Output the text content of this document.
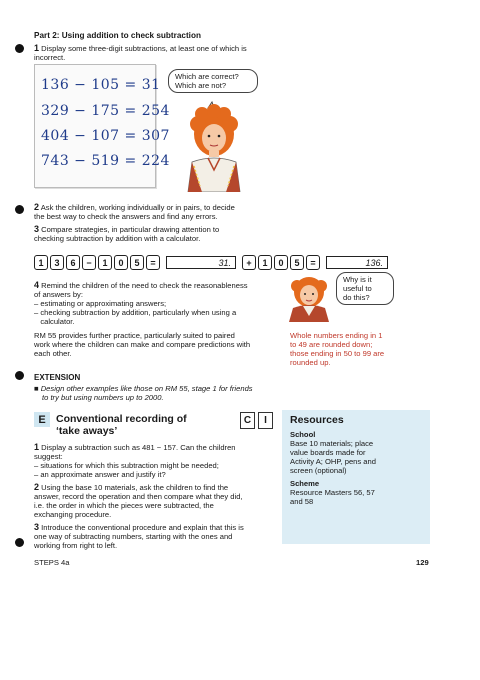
Part 2: Using addition to check subtraction
1 Display some three-digit subtractions, at least one of which is
incorrect.
136 − 105 = 31
329 − 175 = 254
404 − 107 = 307
743 − 519 = 224
Which are correct?
Which are not?
2 Ask the children, working individually or in pairs, to decide
the best way to check the answers and find any errors.
3 Compare strategies, in particular drawing attention to
checking subtraction by addition with a calculator.
1	3	6	−	1	0	5	=	31.	+	1	0	5	=	136.
4 Remind the children of the need to check the reasonableness
of answers by:
– estimating or approximating answers;
– checking subtraction by addition, particularly when using a
calculator.
Why is it
useful to
do this?
RM 55 provides further practice, particularly suited to paired
work where the children can make and compare predictions with
each other.
Whole numbers ending in 1
to 49 are rounded down;
those ending in 50 to 99 are
rounded up.
EXTENSION
■ Design other examples like those on RM 55, stage 1 for friends
to try but using numbers up to 2000.
E Conventional recording of
‘take aways’
C	I
1 Display a subtraction such as 481 − 157. Can the children
suggest:
– situations for which this subtraction might be needed;
– an approximate answer and justify it?
2 Using the base 10 materials, ask the children to find the
answer, record the operation and then compare what they did,
i.e. the order in which the pieces were subtracted, the
exchanging procedure.
3 Introduce the conventional procedure and explain that this is
one way of subtracting numbers, starting with the ones and
working from right to left.
Resources
School
Base 10 materials; place
value boards made for
Activity A; OHP, pens and
screen (optional)
Scheme
Resource Masters 56, 57
and 58
STEPS 4a	129
